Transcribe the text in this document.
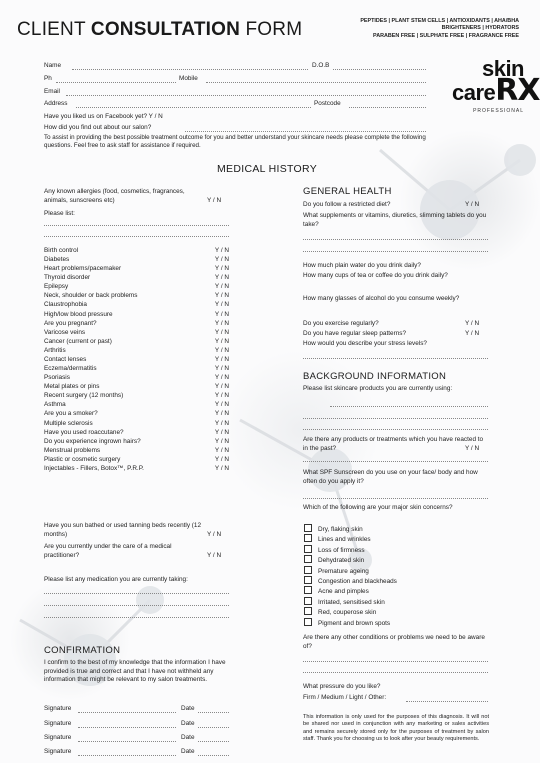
CLIENT CONSULTATION FORM	PEPTIDES | PLANT STEM CELLS | ANTIOXIDANTS | AHA/BHA
BRIGHTENERS | HYDRATORS
PARABEN FREE | SULPHATE FREE | FRAGRANCE FREE
skin
careRX
PROFESSIONAL
Name	D.O.B
Ph	Mobile
Email
Address	Postcode
Have you liked us on Facebook yet? Y / N
How did you find out about our salon?
To assist in providing the best possible treatment outcome for you and better understand your skincare needs please complete the following questions. Feel free to ask staff for assistance if required.
MEDICAL HISTORY
Any known allergies (food, cosmetics, fragrances, animals, sunscreens etc)	Y / N
Please list:
Birth control	Y / N
Diabetes	Y / N
Heart problems/pacemaker	Y / N
Thyroid disorder	Y / N
Epilepsy	Y / N
Neck, shoulder or back problems	Y / N
Claustrophobia	Y / N
High/low blood pressure	Y / N
Are you pregnant?	Y / N
Varicose veins	Y / N
Cancer (current or past)	Y / N
Arthritis	Y / N
Contact lenses	Y / N
Eczema/dermatitis	Y / N
Psoriasis	Y / N
Metal plates or pins	Y / N
Recent surgery (12 months)	Y / N
Asthma	Y / N
Are you a smoker?	Y / N
Multiple sclerosis	Y / N
Have you used roaccutane?	Y / N
Do you experience ingrown hairs?	Y / N
Menstrual problems	Y / N
Plastic or cosmetic surgery	Y / N
Injectables - Fillers, Botox™, P.R.P.	Y / N
Have you sun bathed or used tanning beds recently (12 months)	Y / N
Are you currently under the care of a medical practitioner?	Y / N
Please list any medication you are currently taking:
CONFIRMATION
I confirm to the best of my knowledge that the information I have provided is true and correct and that I have not withheld any information that might be relevant to my salon treatments.
Signature	Date
Signature	Date
Signature	Date
Signature	Date
GENERAL HEALTH
Do you follow a restricted diet?	Y / N
What supplements or vitamins, diuretics, slimming tablets do you take?
How much plain water do you drink daily?
How many cups of tea or coffee do you drink daily?
How many glasses of alcohol do you consume weekly?
Do you exercise regularly?	Y / N
Do you have regular sleep patterns?	Y / N
How would you describe your stress levels?
BACKGROUND INFORMATION
Please list skincare products you are currently using:
Are there any products or treatments which you have reacted to in the past?	Y / N
What SPF Sunscreen do you use on your face/ body and how often do you apply it?
Which of the following are your major skin concerns?
Dry, flaking skin
Lines and wrinkles
Loss of firmness
Dehydrated skin
Premature ageing
Congestion and blackheads
Acne and pimples
Irritated, sensitised skin
Red, couperose skin
Pigment and brown spots
Are there any other conditions or problems we need to be aware of?
What pressure do you like?
Firm / Medium / Light / Other:
This information is only used for the purposes of this diagnosis. It will not be shared nor used in conjunction with any marketing or sales activities and remains securely stored only for the purposes of treatment by salon staff. Thank you for choosing us to look after your beauty requirements.
